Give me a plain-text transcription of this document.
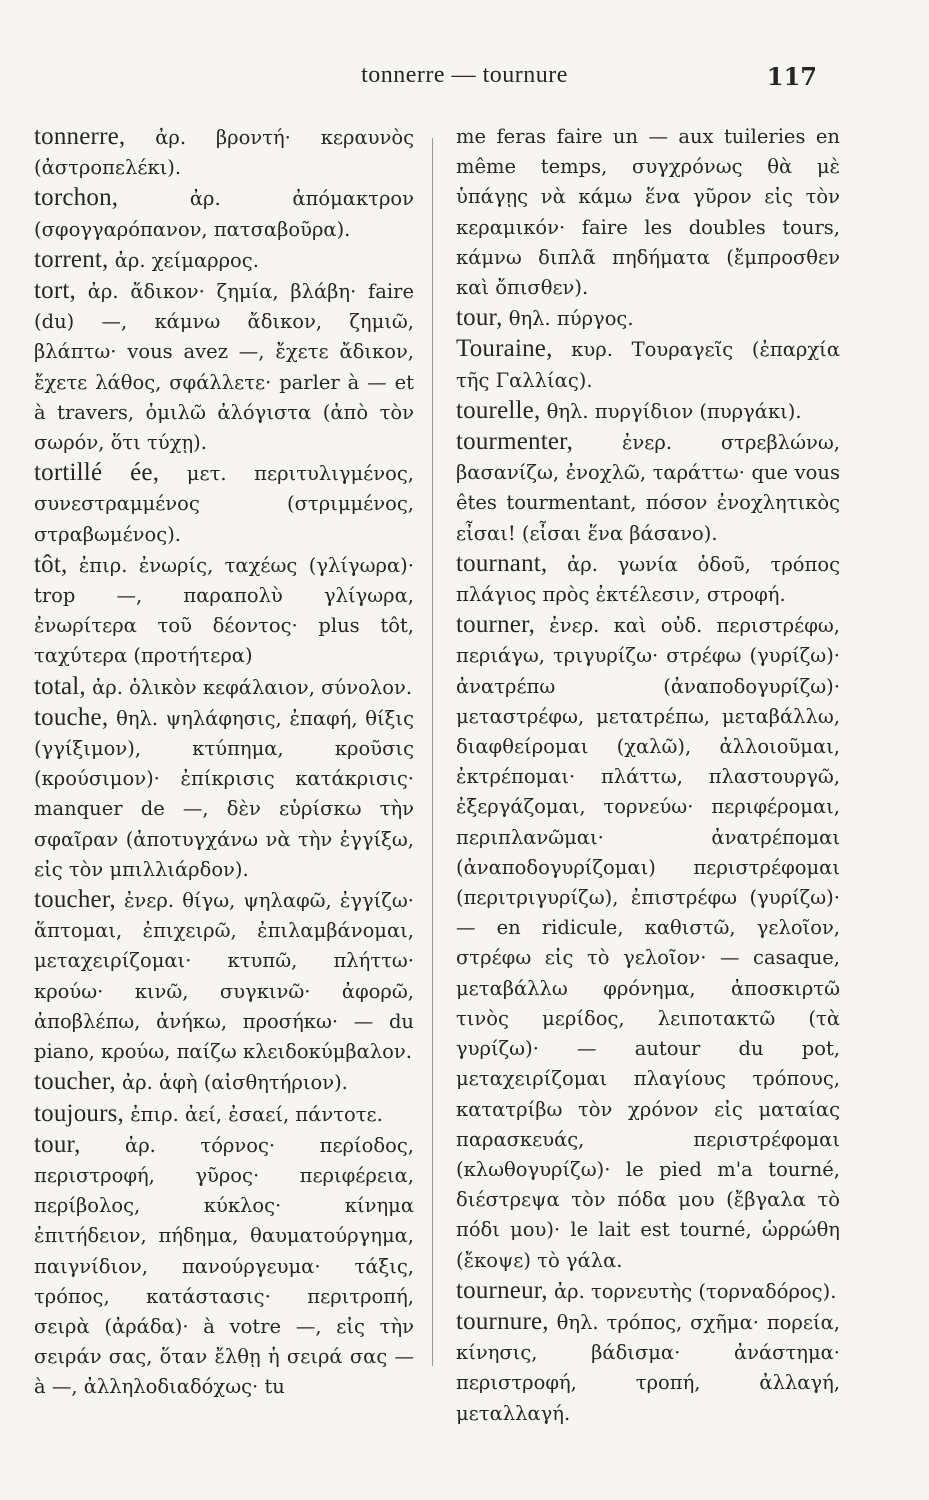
tonnerre — tournure	117

tonnerre, ἀρ. βροντή· κεραυνὸς (ἀστροπελέκι).

torchon, ἀρ. ἀπόμακτρον (σφογγαρόπανον, πατσαβοῦρα).

torrent, ἀρ. χείμαρρος.

tort, ἀρ. ἄδικον· ζημία, βλάβη· faire (du) —, κάμνω ἄδικον, ζημιῶ, βλάπτω· vous avez —, ἔχετε ἄδικον, ἔχετε λάθος, σφάλλετε· parler à — et à travers, ὁμιλῶ ἀλόγιστα (ἀπὸ τὸν σωρόν, ὅτι τύχῃ).

tortillé ée, μετ. περιτυλιγμένος, συνεστραμμένος (στριμμένος, στραβωμένος).

tôt, ἐπιρ. ἐνωρίς, ταχέως (γλίγωρα)· trop —, παραπολὺ γλίγωρα, ἐνωρίτερα τοῦ δέοντος· plus tôt, ταχύτερα (προτήτερα)

total, ἀρ. ὁλικὸν κεφάλαιον, σύνολον.

touche, θηλ. ψηλάφησις, ἐπαφή, θίξις (γγίξιμον), κτύπημα, κροῦσις (κρούσιμον)· ἐπίκρισις κατάκρισις· manquer de —, δὲν εὑρίσκω τὴν σφαῖραν (ἀποτυγχάνω νὰ τὴν ἐγγίξω, εἰς τὸν μπιλλιάρδον).

toucher, ἐνερ. θίγω, ψηλαφῶ, ἐγγίζω· ἅπτομαι, ἐπιχειρῶ, ἐπιλαμβάνομαι, μεταχειρίζομαι· κτυπῶ, πλήττω· κρούω· κινῶ, συγκινῶ· ἀφορῶ, ἀποβλέπω, ἀνήκω, προσήκω· — du piano, κρούω, παίζω κλειδοκύμβαλον.

toucher, ἀρ. ἁφὴ (αἰσθητήριον).

toujours, ἐπιρ. ἀεί, ἐσαεί, πάντοτε.

tour, ἀρ. τόρνος· περίοδος, περιστροφή, γῦρος· περιφέρεια, περίβολος, κύκλος· κίνημα ἐπιτήδειον, πήδημα, θαυματούργημα, παιγνίδιον, πανούργευμα· τάξις, τρόπος, κατάστασις· περιτροπή, σειρὰ (ἀράδα)· à votre —, εἰς τὴν σειράν σας, ὅταν ἔλθῃ ἡ σειρά σας — à —, ἀλληλοδιαδόχως· tu

me feras faire un — aux tuileries en même temps, συγχρόνως θὰ μὲ ὑπάγῃς νὰ κάμω ἕνα γῦρον εἰς τὸν κεραμικόν· faire les doubles tours, κάμνω διπλᾶ πηδήματα (ἔμπροσθεν καὶ ὄπισθεν).

tour, θηλ. πύργος.

Touraine, κυρ. Τουραγεῖς (ἐπαρχία τῆς Γαλλίας).

tourelle, θηλ. πυργίδιον (πυργάκι).

tourmenter, ἐνερ. στρεβλώνω, βασανίζω, ἐνοχλῶ, ταράττω· que vous êtes tourmentant, πόσον ἐνοχλητικὸς εἶσαι! (εἶσαι ἕνα βάσανο).

tournant, ἀρ. γωνία ὁδοῦ, τρόπος πλάγιος πρὸς ἐκτέλεσιν, στροφή.

tourner, ἐνερ. καὶ οὐδ. περιστρέφω, περιάγω, τριγυρίζω· στρέφω (γυρίζω)· ἀνατρέπω (ἀναποδογυρίζω)· μεταστρέφω, μετατρέπω, μεταβάλλω, διαφθείρομαι (χαλῶ), ἀλλοιοῦμαι, ἐκτρέπομαι· πλάττω, πλαστουργῶ, ἐξεργάζομαι, τορνεύω· περιφέρομαι, περιπλανῶμαι· ἀνατρέπομαι (ἀναποδογυρίζομαι) περιστρέφομαι (περιτριγυρίζω), ἐπιστρέφω (γυρίζω)· — en ridicule, καθιστῶ, γελοῖον, στρέφω εἰς τὸ γελοῖον· — casaque, μεταβάλλω φρόνημα, ἀποσκιρτῶ τινὸς μερίδος, λειποτακτῶ (τὰ γυρίζω)· — autour du pot, μεταχειρίζομαι πλαγίους τρόπους, κατατρίβω τὸν χρόνον εἰς ματαίας παρασκευάς, περιστρέφομαι (κλωθογυρίζω)· le pied m'a tourné, διέστρεψα τὸν πόδα μου (ἔβγαλα τὸ πόδι μου)· le lait est tourné, ὠρρώθη (ἔκοψε) τὸ γάλα.

tourneur, ἀρ. τορνευτὴς (τορναδόρος).

tournure, θηλ. τρόπος, σχῆμα· πορεία, κίνησις, βάδισμα· ἀνάστημα· περιστροφή, τροπή, ἀλλαγή, μεταλλαγή.
